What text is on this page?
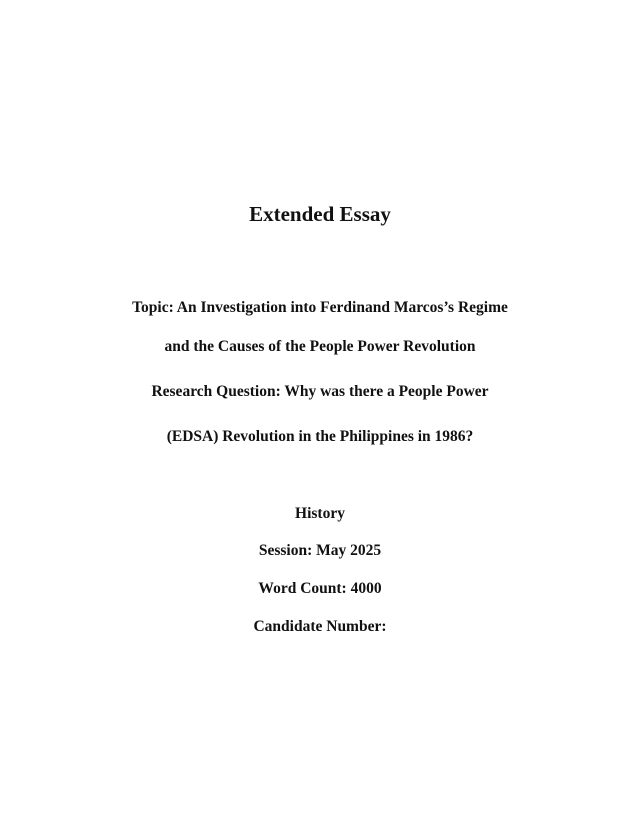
Extended Essay
Topic: An Investigation into Ferdinand Marcos’s Regime
and the Causes of the People Power Revolution
Research Question: Why was there a People Power
(EDSA) Revolution in the Philippines in 1986?
History
Session: May 2025
Word Count: 4000
Candidate Number:
